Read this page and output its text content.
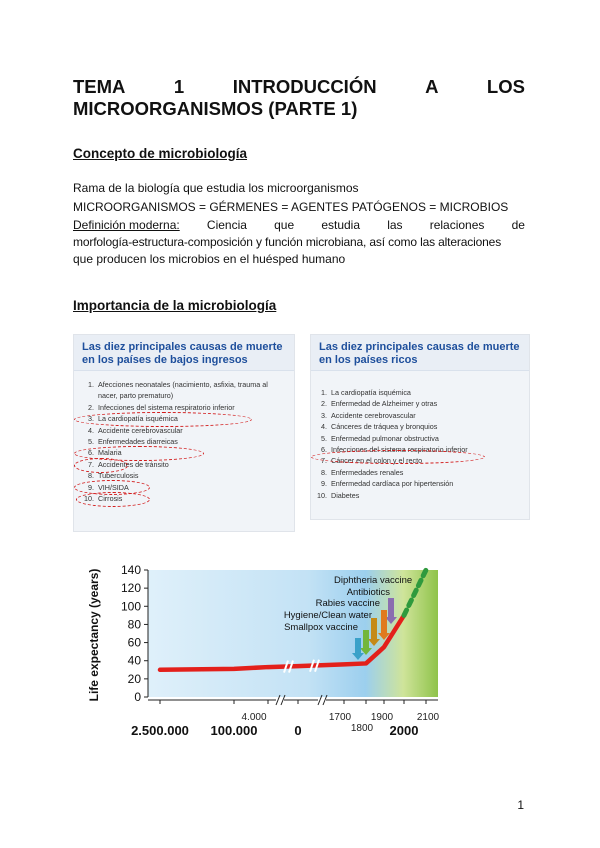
TEMA	1	INTRODUCCIÓN	A	LOS
MICROORGANISMOS (PARTE 1)
Concepto de microbiología
Rama de la biología que estudia los microorganismos
MICROORGANISMOS = GÉRMENES = AGENTES PATÓGENOS = MICROBIOS
Definición moderna: Ciencia que estudia las relaciones de
morfología-estructura-composición y función microbiana, así como las alteraciones
que producen los microbios en el huésped humano
Importancia de la microbiología
Las diez principales causas de muerte en los países de bajos ingresos
1. Afecciones neonatales (nacimiento, asfixia, trauma al
nacer, parto prematuro)
2. Infecciones del sistema respiratorio inferior
3. La cardiopatía isquémica
4. Accidente cerebrovascular
5. Enfermedades diarreicas
6. Malaria
7. Accidentes de tránsito
8. Tuberculosis
9. VIH/SIDA
10. Cirrosis
Las diez principales causas de muerte en los países ricos
1. La cardiopatía isquémica
2. Enfermedad de Alzheimer y otras
3. Accidente cerebrovascular
4. Cánceres de tráquea y bronquios
5. Enfermedad pulmonar obstructiva
6. Infecciones del sistema respiratorio inferior
7. Cáncer en el colon y el recto
8. Enfermedades renales
9. Enfermedad cardíaca por hipertensión
10. Diabetes
0
20
40
60
80
100
120
140
2.500.000 100.000	0	2000
4.000	1700
1800
1900 2100
Diphtheria vaccine
Antibiotics
Rabies vaccine
Hygiene/Clean water
Smallpox vaccine
Life expectancy (years)
1
